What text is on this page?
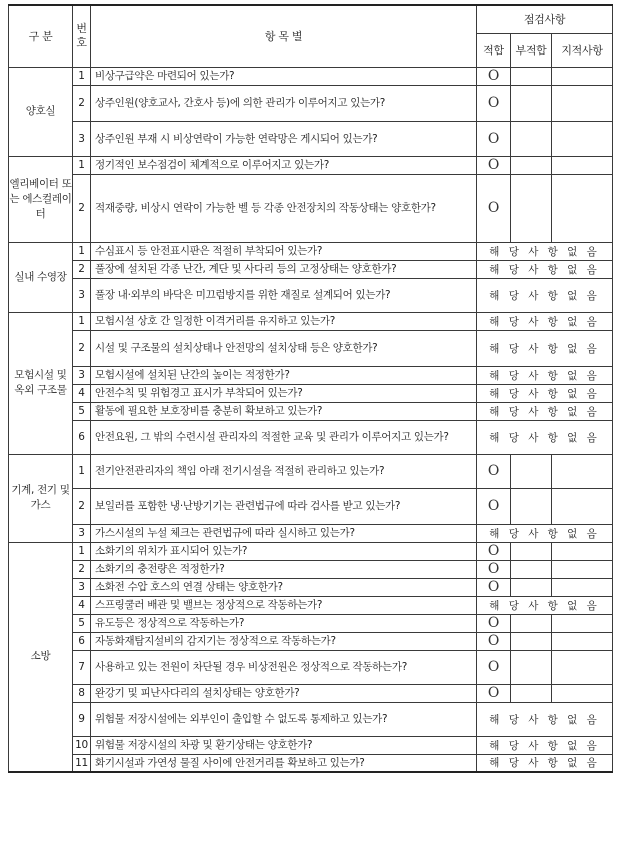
구 분	번호	항 목 별	점검사항		
			적합	부적합	지적사항
양호실	1	비상구급약은 마련되어 있는가?	O		
	2	상주인원(양호교사, 간호사 등)에 의한 관리가 이루어지고 있는가?	O		
	3	상주인원 부재 시 비상연락이 가능한 연락망은 게시되어 있는가?	O		
엘리베이터 또는 에스컬레이터	1	정기적인 보수점검이 체계적으로 이루어지고 있는가?	O		
	2	적재중량, 비상시 연락이 가능한 벨 등 각종 안전장치의 작동상태는 양호한가?	O		
실내 수영장	1	수심표시 등 안전표시판은 적절히 부착되어 있는가?	해 당 사 항 없 음		
	2	풀장에 설치된 각종 난간, 계단 및 사다리 등의 고정상태는 양호한가?	해 당 사 항 없 음		
	3	풀장 내·외부의 바닥은 미끄럼방지를 위한 재질로 설계되어 있는가?	해 당 사 항 없 음		
모험시설 및 옥외 구조물	1	모험시설 상호 간 일정한 이격거리를 유지하고 있는가?	해 당 사 항 없 음		
	2	시설 및 구조물의 설치상태나 안전망의 설치상태 등은 양호한가?	해 당 사 항 없 음		
	3	모험시설에 설치된 난간의 높이는 적정한가?	해 당 사 항 없 음		
	4	안전수칙 및 위험경고 표시가 부착되어 있는가?	해 당 사 항 없 음		
	5	활동에 필요한 보호장비를 충분히 확보하고 있는가?	해 당 사 항 없 음		
	6	안전요원, 그 밖의 수련시설 관리자의 적절한 교육 및 관리가 이루어지고 있는가?	해 당 사 항 없 음		
기계, 전기 및 가스	1	전기안전관리자의 책임 아래 전기시설을 적절히 관리하고 있는가?	O		
	2	보일러를 포함한 냉·난방기기는 관련법규에 따라 검사를 받고 있는가?	O		
	3	가스시설의 누설 체크는 관련법규에 따라 실시하고 있는가?	해 당 사 항 없 음		
소방	1	소화기의 위치가 표시되어 있는가?	O		
	2	소화기의 충전량은 적정한가?	O		
	3	소화전 수압 호스의 연결 상태는 양호한가?	O		
	4	스프링쿨러 배관 및 밸브는 정상적으로 작동하는가?	해 당 사 항 없 음		
	5	유도등은 정상적으로 작동하는가?	O		
	6	자동화재탐지설비의 감지기는 정상적으로 작동하는가?	O		
	7	사용하고 있는 전원이 차단될 경우 비상전원은 정상적으로 작동하는가?	O		
	8	완강기 및 피난사다리의 설치상태는 양호한가?	O		
	9	위험물 저장시설에는 외부인이 출입할 수 없도록 통제하고 있는가?	해 당 사 항 없 음		
	10	위험물 저장시설의 차광 및 환기상태는 양호한가?	해 당 사 항 없 음		
	11	화기시설과 가연성 물질 사이에 안전거리를 확보하고 있는가?	해 당 사 항 없 음		
